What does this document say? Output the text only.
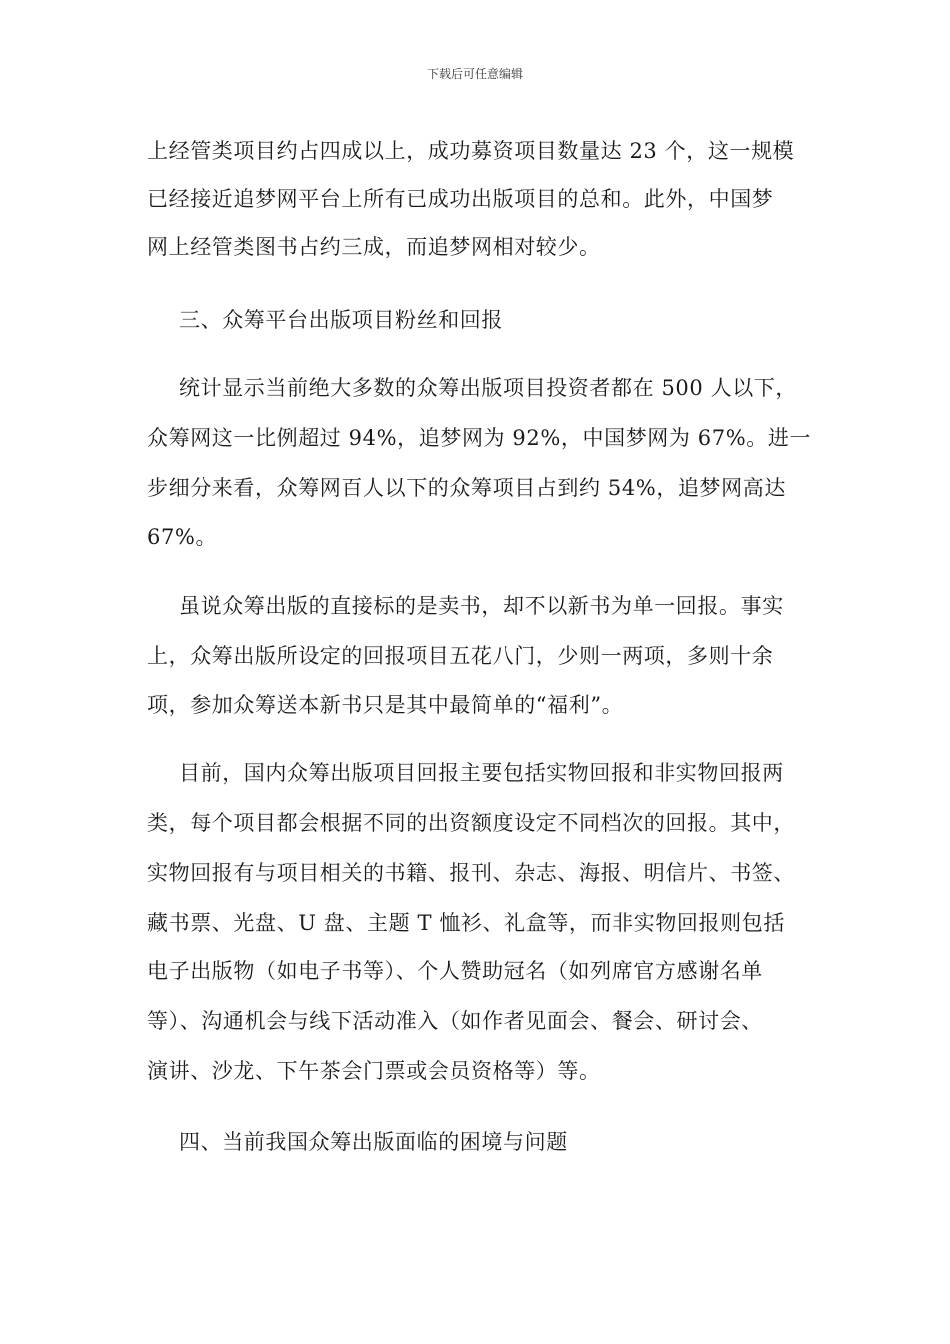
下载后可任意编辑
上经管类项目约占四成以上，成功募资项目数量达 23 个，这一规模
已经接近追梦网平台上所有已成功出版项目的总和。此外，中国梦
网上经管类图书占约三成，而追梦网相对较少。
三、众筹平台出版项目粉丝和回报
统计显示当前绝大多数的众筹出版项目投资者都在 500 人以下，
众筹网这一比例超过 94%，追梦网为 92%，中国梦网为 67%。进一
步细分来看，众筹网百人以下的众筹项目占到约 54%，追梦网高达
67%。
虽说众筹出版的直接标的是卖书，却不以新书为单一回报。事实
上，众筹出版所设定的回报项目五花八门，少则一两项，多则十余
项，参加众筹送本新书只是其中最简单的“福利”。
目前，国内众筹出版项目回报主要包括实物回报和非实物回报两
类，每个项目都会根据不同的出资额度设定不同档次的回报。其中，
实物回报有与项目相关的书籍、报刊、杂志、海报、明信片、书签、
藏书票、光盘、U 盘、主题 T 恤衫、礼盒等，而非实物回报则包括
电子出版物（如电子书等）、个人赞助冠名（如列席官方感谢名单
等）、沟通机会与线下活动准入（如作者见面会、餐会、研讨会、
演讲、沙龙、下午茶会门票或会员资格等）等。
四、当前我国众筹出版面临的困境与问题
